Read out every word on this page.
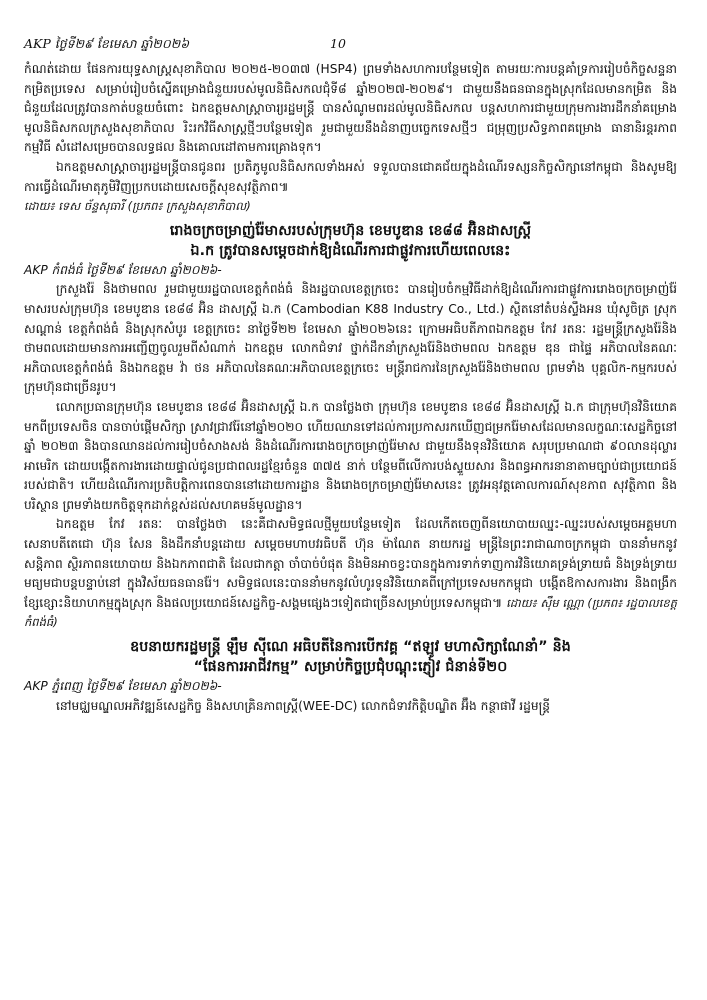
AKP ថ្ងៃទី២៩ ខែមេសា ឆ្នាំ២០២៦	10

កំណត់ដោយ ផែនការយុទ្ធសាស្ត្រសុខាភិបាល ២០២៥-២០៣៧ (HSP4) ព្រមទាំងសហការបន្ថែមទៀត តាមរយៈការបន្តគាំទ្រការរៀបចំកិច្ចសន្ទនាកម្រិតប្រទេស សម្រាប់រៀបចំស្នើគម្រោងជំនួយរបស់មូលនិធិសកលជុំទី៨ ឆ្នាំ២០២៧-២០២៩។ ជាមួយនឹងធនធានក្នុងស្រុកដែលមានកម្រិត និងជំនួយដែលត្រូវបានកាត់បន្ថយចំពោះ ឯកឧត្តមសាស្ត្រាចារ្យរដ្ឋមន្ត្រី បានសំណូមពរដល់មូលនិធិសកល បន្តសហការជាមួយក្រុមការងារដឹកនាំគម្រោងមូលនិធិសកលក្រសួងសុខាភិបាល រិះរកវិធីសាស្ត្រថ្មីៗបន្ថែមទៀត រួមជាមួយនឹងដំនាញបច្ចេកទេសថ្មីៗ ជម្រុញប្រសិទ្ធភាពគម្រោង ធានានិរន្តរភាពកម្មវិធី សំដៅសម្រេចបានលទ្ធផល និងគោលដៅតាមការគ្រោងទុក។

ឯកឧត្តមសាស្ត្រាចារ្យរដ្ឋមន្ត្រីបានជូនពរ ប្រតិភូមូលនិធិសកលទាំងអស់ ទទួលបានជោគជ័យក្នុងដំណើរទស្សនកិច្ចសិក្សានៅកម្ពុជា និងសូមឱ្យការធ្វើដំណើរមាតុភូមិវិញប្រកបដោយសេចក្តីសុខសុវត្ថិភាព៕

ដោយ៖ ទេស ច័ន្ទសុធារី (ប្រភព៖ ក្រសួងសុខាភិបាល)
រោងចក្រចម្រាញ់រ៉ែមាសរបស់ក្រុមហ៊ុន ខេមបូឌាន ខេ៨៨ អ៊ិនដាសស្ត្រី
ឯ.ក ត្រូវបានសម្តេចដាក់ឱ្យដំណើរការជាផ្លូវការហើយពេលនេះ
AKP កំពង់ធំ ថ្ងៃទី២៩ ខែមេសា ឆ្នាំ២០២៦-

ក្រសួងរ៉ែ និងថាមពល រួមជាមួយរដ្ឋបាលខេត្តកំពង់ធំ និងរដ្ឋបាលខេត្តក្រចេះ បានរៀបចំកម្មវិធីដាក់ឱ្យដំណើរការជាផ្លូវការរោងចក្រចម្រាញ់រ៉ែមាសរបស់ក្រុមហ៊ុន ខេមបូឌាន ខេ៨៨ អ៊ិន ដាសស្ត្រី ឯ.ក (Cambodian K88 Industry Co., Ltd.) ស្ថិតនៅតំបន់ស្ទឹងអន ឃុំសូចិត្រ ស្រុកសណ្តាន់ ខេត្តកំពង់ធំ និងស្រុកសំបូរ ខេត្តក្រចេះ នាថ្ងៃទី២២ ខែមេសា ឆ្នាំ២០២៦នេះ ក្រោមអធិបតីភាពឯកឧត្តម កែវ រតនៈ រដ្ឋមន្ត្រីក្រសួងរ៉ែនិងថាមពលដោយមានការអញ្ជើញចូលរួមពីសំណាក់ ឯកឧត្តម លោកជំទាវ ថ្នាក់ដឹកនាំក្រសួងរ៉ែនិងថាមពល ឯកឧត្តម ឌុន ជាផ្ទៃ អភិបាលនៃគណៈអភិបាលខេត្តកំពង់ធំ និងឯកឧត្តម វ៉ា ថន អភិបាលនៃគណៈអភិបាលខេត្តក្រចេះ មន្ត្រីរាជការនៃក្រសួងរ៉ែនិងថាមពល ព្រមទាំង បុគ្គលិក-កម្មករបស់ក្រុមហ៊ុនជាច្រើនរូប។

លោកប្រធានក្រុមហ៊ុន ខេមបូឌាន ខេ៨៨ អ៊ិនដាសស្ត្រី ឯ.ក បានថ្លែងថា ក្រុមហ៊ុន ខេមបូឌាន ខេ៨៨ អ៊ិនដាសស្ត្រី ឯ.ក ជាក្រុមហ៊ុនវិនិយោគមកពីប្រទេសចិន បានចាប់ផ្តើមសិក្សា ស្រាវជ្រាវរ៉ែនៅឆ្នាំ២០២០ ហើយឈានទៅដល់ការប្រកាសរកឃើញជម្រករ៉ែមាសដែលមានលក្ខណៈសេដ្ឋកិច្ចនៅឆ្នាំ ២០២៣ និងបានឈានដល់ការរៀបចំសាងសង់ និងដំណើរការរោងចក្រចម្រាញ់រ៉ែមាស ជាមួយនឹងទុនវិនិយោគ សរុបប្រមាណជា ៩០លានដុល្លារអាមេរិក ដោយបង្កើតការងារដោយផ្ទាល់ជូនប្រជាពលរដ្ឋខ្មែរចំនួន ៣៧៥ នាក់ បន្ថែមពីលើការបង់ស្ទួយសារ និងពន្ធអាករនានាតាមច្បាប់ជាប្រយោជន៍របស់ជាតិ។ ហើយដំណើរការប្រតិបត្តិការពេនបាននៅដោយការដ្ឋាន និងរោងចក្រចម្រាញ់រ៉ែមាសនេះ ត្រូវអនុវត្តគោលការណ៍សុខភាព សុវត្ថិភាព និងបរិស្ថាន ព្រមទាំងយកចិត្តទុកដាក់ខ្ពស់ដល់សហគមន៍មូលដ្ឋាន។

ឯកឧត្តម កែវ រតនៈ បានថ្លែងថា នេះគឺជាសមិទ្ធផលថ្មីមួយបន្ថែមទៀត ដែលកើតចេញពីនយោបាយឈ្នះ-ឈ្នះរបស់សម្តេចអគ្គមហា សេនាបតីតេជោ ហ៊ុន សែន និងដឹកនាំបន្តដោយ សម្តេចមហាបវរធិបតី ហ៊ុន ម៉ាណែត នាយករដ្ឋ មន្ត្រីនៃព្រះរាជាណាចក្រកម្ពុជា បាននាំមកនូវសន្តិភាព ស្ថិរភាពនយោបាយ និងឯកភាពជាតិ ដែលជាកត្តា ចាំបាច់បំផុត និងមិនអាចខ្វះបានក្នុងការទាក់ទាញការវិនិយោគទ្រង់ទ្រាយធំ និងទ្រង់ទ្រាយមធ្យមជាបន្តបន្ទាប់នៅ ក្នុងវិស័យធនធានរ៉ែ។ សមិទ្ធផលនេះបាននាំមកនូវលំហូរទុនវិនិយោគពីក្រៅប្រទេសមកកម្ពុជា បង្កើតឱកាសការងារ និងពង្រឹកខ្សែខ្សោះនិយាហកម្មក្នុងស្រុក និងផលប្រយោជន៍សេដ្ឋកិច្ច-សង្គមផ្សេងៗទៀតជាច្រើនសម្រាប់ប្រទេសកម្ពុជា៕ ដោយ៖ ស៊ឹម ណ្ណោ (ប្រភព៖ រដ្ឋបាលខេត្តកំពង់ធំ)

ឧបនាយករដ្ឋមន្ត្រី ឡឹម ស៊ីណេ អធិបតីនៃការបើកវគ្គ “ឥឡូវ មហាសិក្សាណែនាំ” និង
“ផែនការអាជីវកម្ម” សម្រាប់កិច្ចប្រជុំបណ្តុះភ្ញៀវ ជំនាន់ទី២០
AKP ភ្នំពេញ ថ្ងៃទី២៩ ខែមេសា ឆ្នាំ២០២៦-

នៅមជ្ឈមណ្ឌលអភិវឌ្ឍន៍សេដ្ឋកិច្ច និងសហគ្រិនភាពស្ត្រី(WEE-DC) លោកជំទាវកិត្តិបណ្ឌិត អ៊ឹង កន្ថាផាវី រដ្ឋមន្ត្រី
